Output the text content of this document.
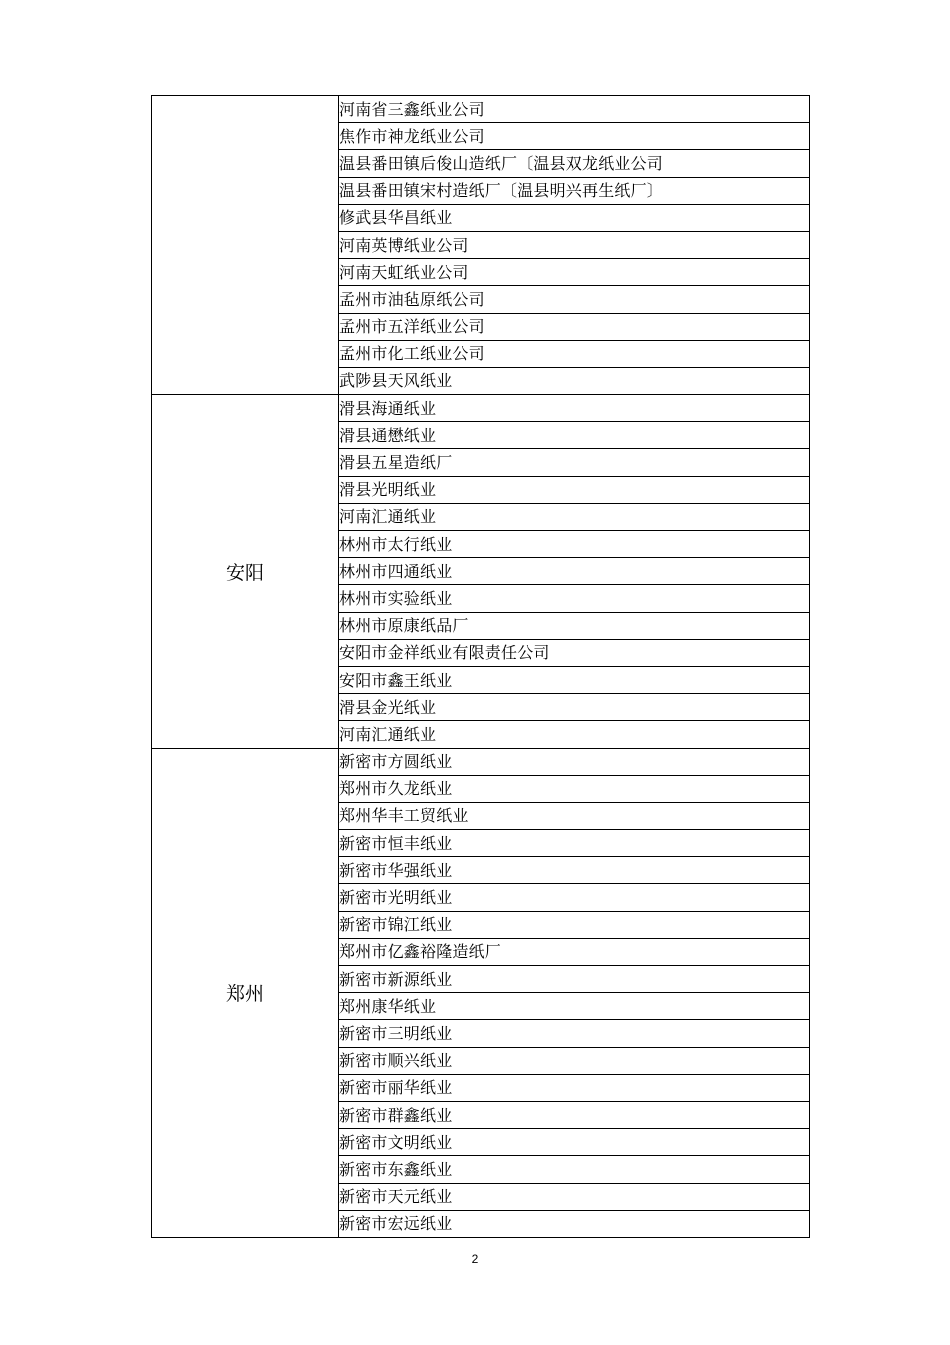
	河南省三鑫纸业公司
	焦作市神龙纸业公司
	温县番田镇后俊山造纸厂〔温县双龙纸业公司
	温县番田镇宋村造纸厂〔温县明兴再生纸厂〕
	修武县华昌纸业
	河南英博纸业公司
	河南天虹纸业公司
	孟州市油毡原纸公司
	孟州市五洋纸业公司
	孟州市化工纸业公司
	武陟县天风纸业
安阳	滑县海通纸业
	滑县通懋纸业
	滑县五星造纸厂
	滑县光明纸业
	河南汇通纸业
	林州市太行纸业
	林州市四通纸业
	林州市实验纸业
	林州市原康纸品厂
	安阳市金祥纸业有限责任公司
	安阳市鑫王纸业
	滑县金光纸业
	河南汇通纸业
郑州	新密市方圆纸业
	郑州市久龙纸业
	郑州华丰工贸纸业
	新密市恒丰纸业
	新密市华强纸业
	新密市光明纸业
	新密市锦江纸业
	郑州市亿鑫裕隆造纸厂
	新密市新源纸业
	郑州康华纸业
	新密市三明纸业
	新密市顺兴纸业
	新密市丽华纸业
	新密市群鑫纸业
	新密市文明纸业
	新密市东鑫纸业
	新密市天元纸业
	新密市宏远纸业
2
